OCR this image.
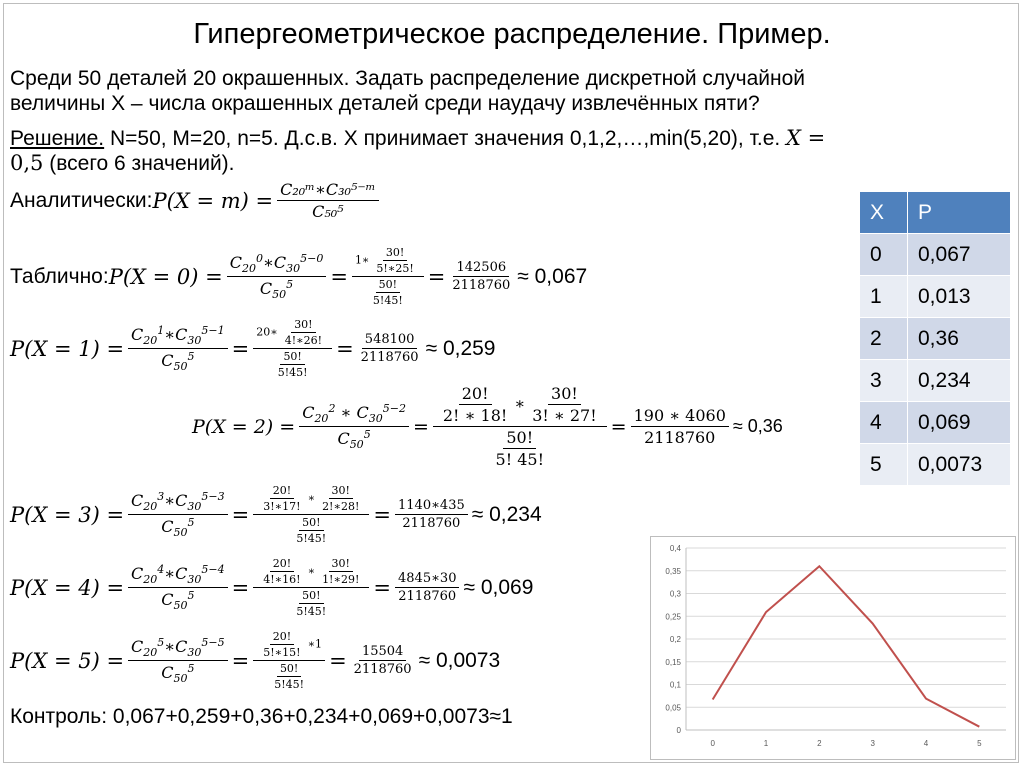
Гипергеометрическое распределение. Пример.
Среди 50 деталей 20 окрашенных. Задать распределение дискретной случайной
величины X – числа окрашенных деталей среди наудачу извлечённых пяти?
Решение. N=50, M=20, n=5. Д.с.в. X принимает значения 0,1,2,…,min(5,20), т.е. X =
0,5 (всего 6 значений).
Аналитически: $P(X = m) = \frac{\text{C₂₀ᵐ∗C₃₀⁵⁻ᵐ}}{\text{C₅₀⁵}}$
Таблично: $P(X = 0) = \frac{C_{20}^0∗C_{30}^{5-0}}{C_{50}^5} = \frac{1∗ \frac{30!}{5!∗25!}}{\frac{50!}{5!45!}} = \frac{142506}{2118760} \approx 0,067$
$P(X = 1) = \frac{C_{20}^1∗C_{30}^{5-1}}{C_{50}^5} = \frac{20∗ \frac{30!}{4!∗26!}}{\frac{50!}{5!45!}} = \frac{548100}{2118760} \approx 0,259$
$P(X = 2) = \frac{C_{20}^2 ∗ C_{30}^{5-2}}{C_{50}^5} = \frac{\frac{20!}{2! ∗ 18!} ∗ \frac{30!}{3! ∗ 27!}}{\frac{50!}{5! 45!}} = \frac{190 ∗ 4060}{2118760} \approx 0,36$
$P(X = 3) = \frac{C_{20}^3∗C_{30}^{5-3}}{C_{50}^5} = \frac{\frac{20!}{3!∗17!} ∗ \frac{30!}{2!∗28!}}{\frac{50!}{5!45!}} = \frac{1140∗435}{2118760} \approx 0,234$
$P(X = 4) = \frac{C_{20}^4∗C_{30}^{5-4}}{C_{50}^5} = \frac{\frac{20!}{4!∗16!} ∗ \frac{30!}{1!∗29!}}{\frac{50!}{5!45!}} = \frac{4845∗30}{2118760} \approx 0,069$
$P(X = 5) = \frac{C_{20}^5∗C_{30}^{5-5}}{C_{50}^5} = \frac{\frac{20!}{5!∗15!} ∗1}{\frac{50!}{5!45!}} = \frac{15504}{2118760} \approx 0,0073$
Контроль: 0,067+0,259+0,36+0,234+0,069+0,0073≈1
X	P
0	0,067
1	0,013
2	0,36
3	0,234
4	0,069
5	0,0073
0
0,05
0,1
0,15
0,2
0,25
0,3
0,35
0,4
0	1	2	3	4	5
